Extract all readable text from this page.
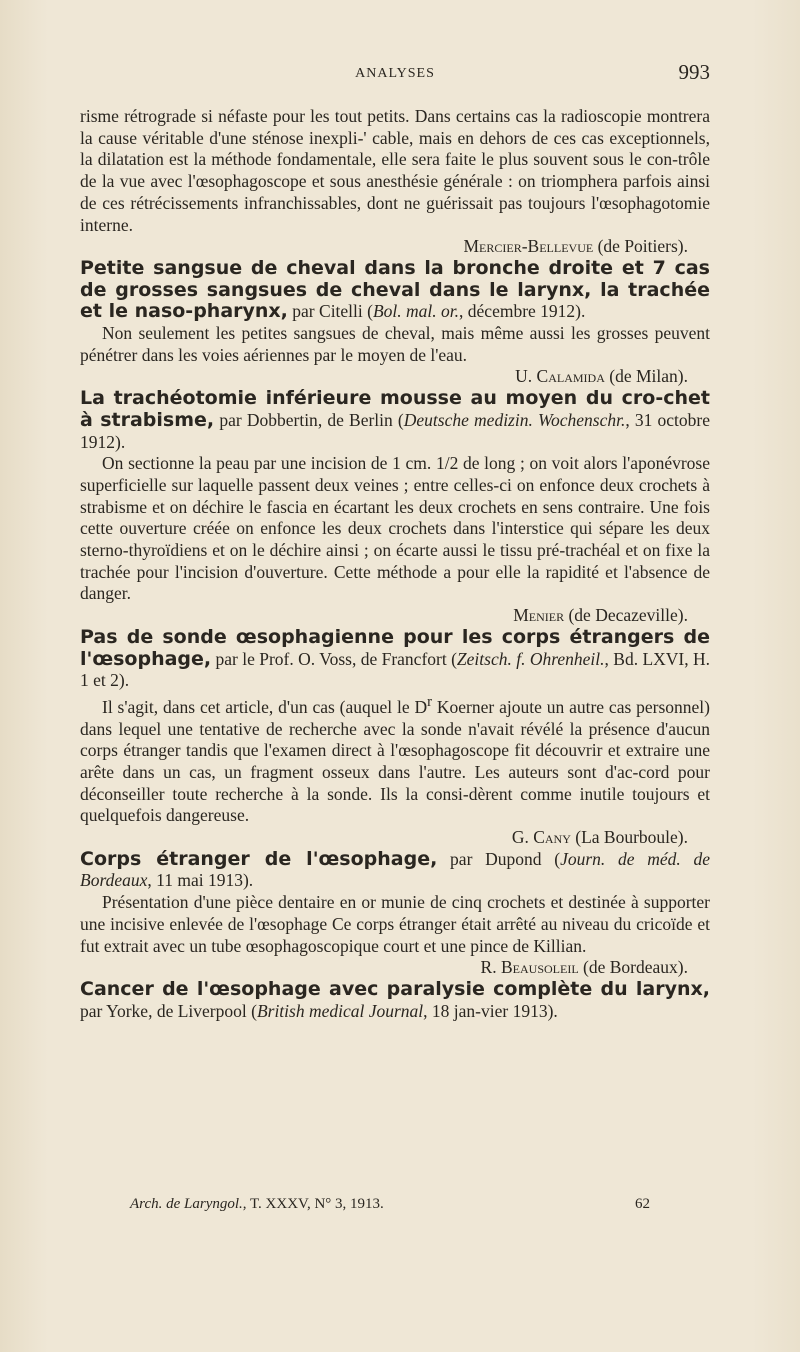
ANALYSES	993

risme rétrograde si néfaste pour les tout petits. Dans certains cas la radioscopie montrera la cause véritable d'une sténose inexpli-' cable, mais en dehors de ces cas exceptionnels, la dilatation est la méthode fondamentale, elle sera faite le plus souvent sous le con-trôle de la vue avec l'œsophagoscope et sous anesthésie générale : on triomphera parfois ainsi de ces rétrécissements infranchissables, dont ne guérissait pas toujours l'œsophagotomie interne.

Mercier-Bellevue (de Poitiers).

Petite sangsue de cheval dans la bronche droite et 7 cas de grosses sangsues de cheval dans le larynx, la trachée et le naso-pharynx, par Citelli (Bol. mal. or., décembre 1912).

Non seulement les petites sangsues de cheval, mais même aussi les grosses peuvent pénétrer dans les voies aériennes par le moyen de l'eau.

U. Calamida (de Milan).

La trachéotomie inférieure mousse au moyen du cro-chet à strabisme, par Dobbertin, de Berlin (Deutsche medizin. Wochenschr., 31 octobre 1912).

On sectionne la peau par une incision de 1 cm. 1/2 de long ; on voit alors l'aponévrose superficielle sur laquelle passent deux veines ; entre celles-ci on enfonce deux crochets à strabisme et on déchire le fascia en écartant les deux crochets en sens contraire. Une fois cette ouverture créée on enfonce les deux crochets dans l'interstice qui sépare les deux sterno-thyroïdiens et on le déchire ainsi ; on écarte aussi le tissu pré-trachéal et on fixe la trachée pour l'incision d'ouverture. Cette méthode a pour elle la rapidité et l'absence de danger.

Menier (de Decazeville).

Pas de sonde œsophagienne pour les corps étrangers de l'œsophage, par le Prof. O. Voss, de Francfort (Zeitsch. f. Ohrenheil., Bd. LXVI, H. 1 et 2).

Il s'agit, dans cet article, d'un cas (auquel le $D^r$ Koerner ajoute un autre cas personnel) dans lequel une tentative de recherche avec la sonde n'avait révélé la présence d'aucun corps étranger tandis que l'examen direct à l'œsophagoscope fit découvrir et extraire une arête dans un cas, un fragment osseux dans l'autre. Les auteurs sont d'ac-cord pour déconseiller toute recherche à la sonde. Ils la consi-dèrent comme inutile toujours et quelquefois dangereuse.

G. Cany (La Bourboule).

Corps étranger de l'œsophage, par Dupond (Journ. de méd. de Bordeaux, 11 mai 1913).

Présentation d'une pièce dentaire en or munie de cinq crochets et destinée à supporter une incisive enlevée de l'œsophage Ce corps étranger était arrêté au niveau du cricoïde et fut extrait avec un tube œsophagoscopique court et une pince de Killian.

R. Beausoleil (de Bordeaux).

Cancer de l'œsophage avec paralysie complète du larynx, par Yorke, de Liverpool (British medical Journal, 18 jan-vier 1913).

Arch. de Laryngol., T. XXXV, N° 3, 1913.	62
